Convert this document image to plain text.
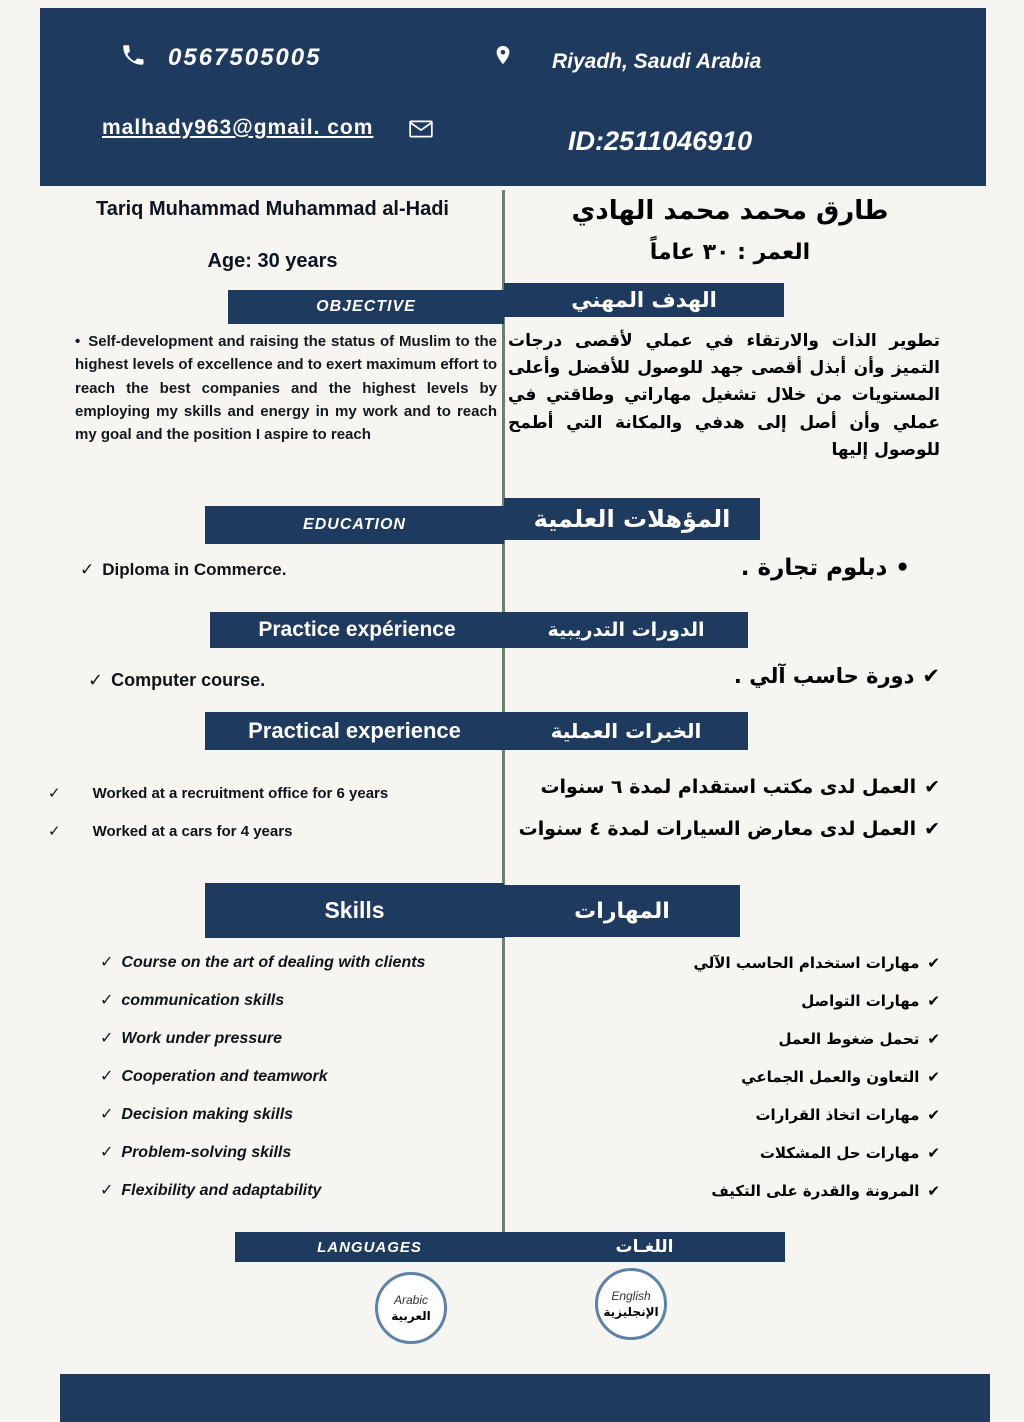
0567505005	Riyadh, Saudi Arabia
malhady963@gmail. com	ID:2511046910
Tariq Muhammad Muhammad al-Hadi
Age: 30 years
طارق محمد محمد الهادي
العمر : ٣٠ عاماً
OBJECTIVE	الهدف المهني
• Self-development and raising the status of Muslim to the highest levels of excellence and to exert maximum effort to reach the best companies and the highest levels by employing my skills and energy in my work and to reach my goal and the position I aspire to reach
تطوير الذات والارتقاء في عملي لأقصى درجات التميز وأن أبذل أقصى جهد للوصول للأفضل وأعلى المستويات من خلال تشغيل مهاراتي وطاقتي في عملي وأن أصل إلى هدفي والمكانة التي أطمح للوصول إليها
EDUCATION	المؤهلات العلمية
✓ Diploma in Commerce.	•دبلوم تجارة .
Practice expérience	الدورات التدريبية
✓ Computer course.	✔دورة حاسب آلي .
Practical experience	الخبرات العملية
✓ Worked at a recruitment office for 6 years
✓ Worked at a cars for 4 years
✔العمل لدى مكتب استقدام لمدة ٦ سنوات
✔العمل لدى معارض السيارات لمدة ٤ سنوات
Skills	المهارات
✓ Course on the art of dealing with clients
✓ communication skills
✓ Work under pressure
✓ Cooperation and teamwork
✓ Decision making skills
✓ Problem-solving skills
✓ Flexibility and adaptability
✔مهارات استخدام الحاسب الآلي
✔مهارات التواصل
✔تحمل ضغوط العمل
✔التعاون والعمل الجماعي
✔مهارات اتخاذ القرارات
✔مهارات حل المشكلات
✔المرونة والقدرة على التكيف
LANGUAGES	اللغـات
Arabic
العربية
English
الإنجليزية
